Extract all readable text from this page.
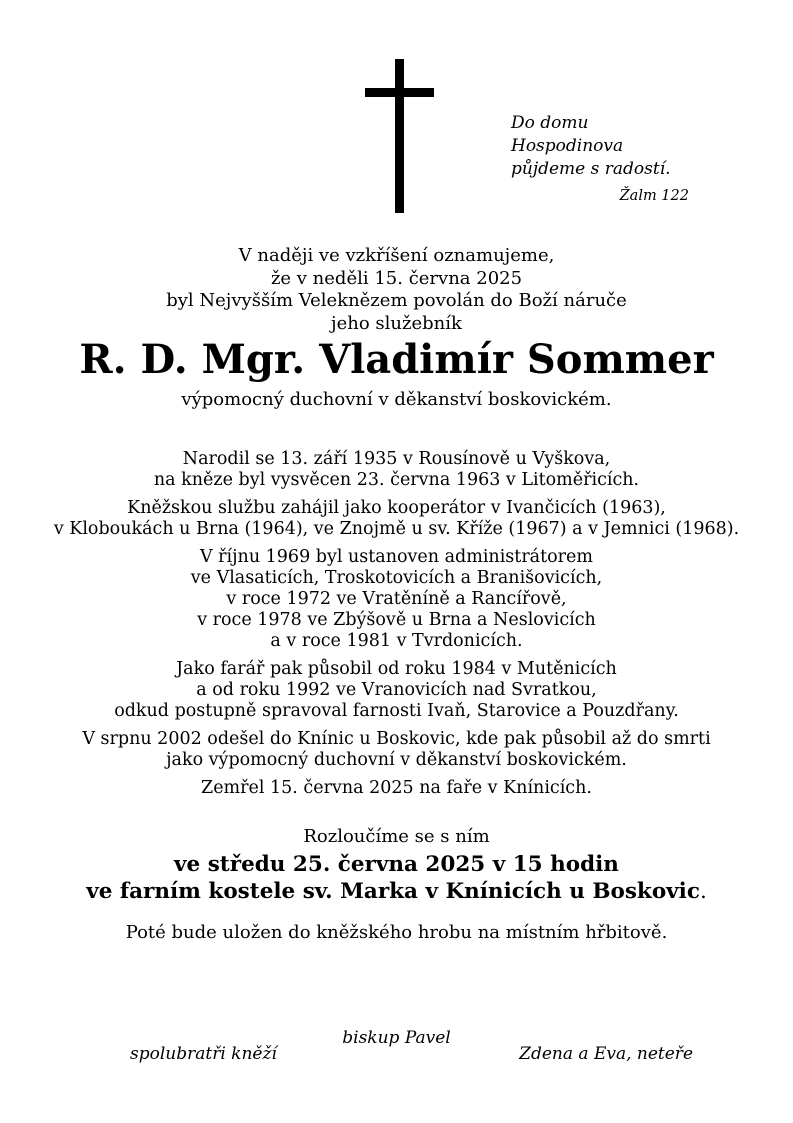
Do domu Hospodinova
půjdeme s radostí.
Žalm 122
V naději ve vzkříšení oznamujeme,
že v neděli 15. června 2025
byl Nejvyšším Veleknězem povolán do Boží náruče
jeho služebník
R. D. Mgr. Vladimír Sommer
výpomocný duchovní v děkanství boskovickém.

Narodil se 13. září 1935 v Rousínově u Vyškova,
na kněze byl vysvěcen 23. června 1963 v Litoměřicích.

Kněžskou službu zahájil jako kooperátor v Ivančicích (1963),
v Kloboukách u Brna (1964), ve Znojmě u sv. Kříže (1967) a v Jemnici (1968).

V říjnu 1969 byl ustanoven administrátorem
ve Vlasaticích, Troskotovicích a Branišovicích,
v roce 1972 ve Vratěníně a Rancířově,
v roce 1978 ve Zbýšově u Brna a Neslovicích
a v roce 1981 v Tvrdonicích.

Jako farář pak působil od roku 1984 v Mutěnicích
a od roku 1992 ve Vranovicích nad Svratkou,
odkud postupně spravoval farnosti Ivaň, Starovice a Pouzdřany.

V srpnu 2002 odešel do Knínic u Boskovic, kde pak působil až do smrti
jako výpomocný duchovní v děkanství boskovickém.

Zemřel 15. června 2025 na faře v Knínicích.

Rozloučíme se s ním
ve středu 25. června 2025 v 15 hodin
ve farním kostele sv. Marka v Knínicích u Boskovic.
Poté bude uložen do kněžského hrobu na místním hřbitově.
biskup Pavel
spolubratři kněží	Zdena a Eva, neteře
